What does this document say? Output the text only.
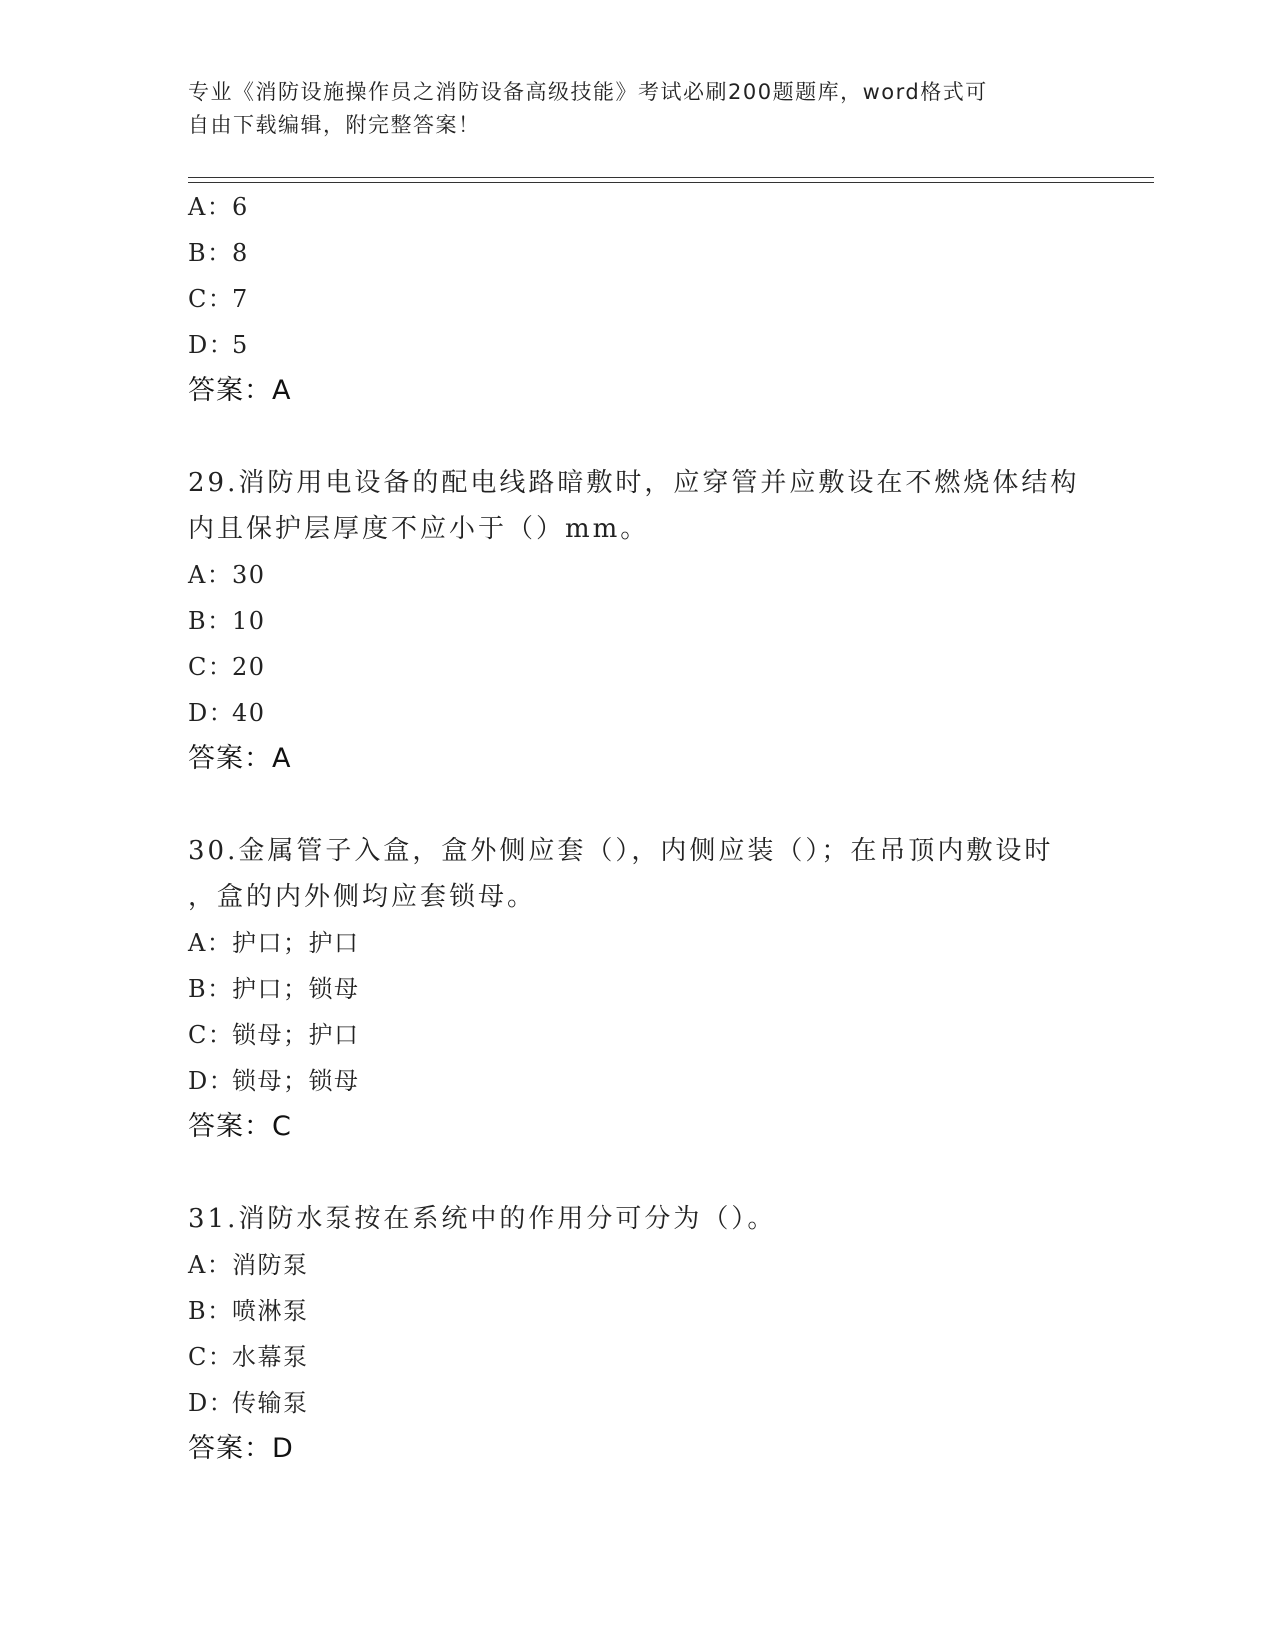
专业《消防设施操作员之消防设备高级技能》考试必刷200题题库，word格式可
自由下载编辑，附完整答案！
A：6
B：8
C：7
D：5
答案：A
29.消防用电设备的配电线路暗敷时，应穿管并应敷设在不燃烧体结构
内且保护层厚度不应小于（）mm。
A：30
B：10
C：20
D：40
答案：A
30.金属管子入盒，盒外侧应套（），内侧应装（）；在吊顶内敷设时
，盒的内外侧均应套锁母。
A：护口；护口
B：护口；锁母
C：锁母；护口
D：锁母；锁母
答案：C
31.消防水泵按在系统中的作用分可分为（）。
A：消防泵
B：喷淋泵
C：水幕泵
D：传输泵
答案：D
